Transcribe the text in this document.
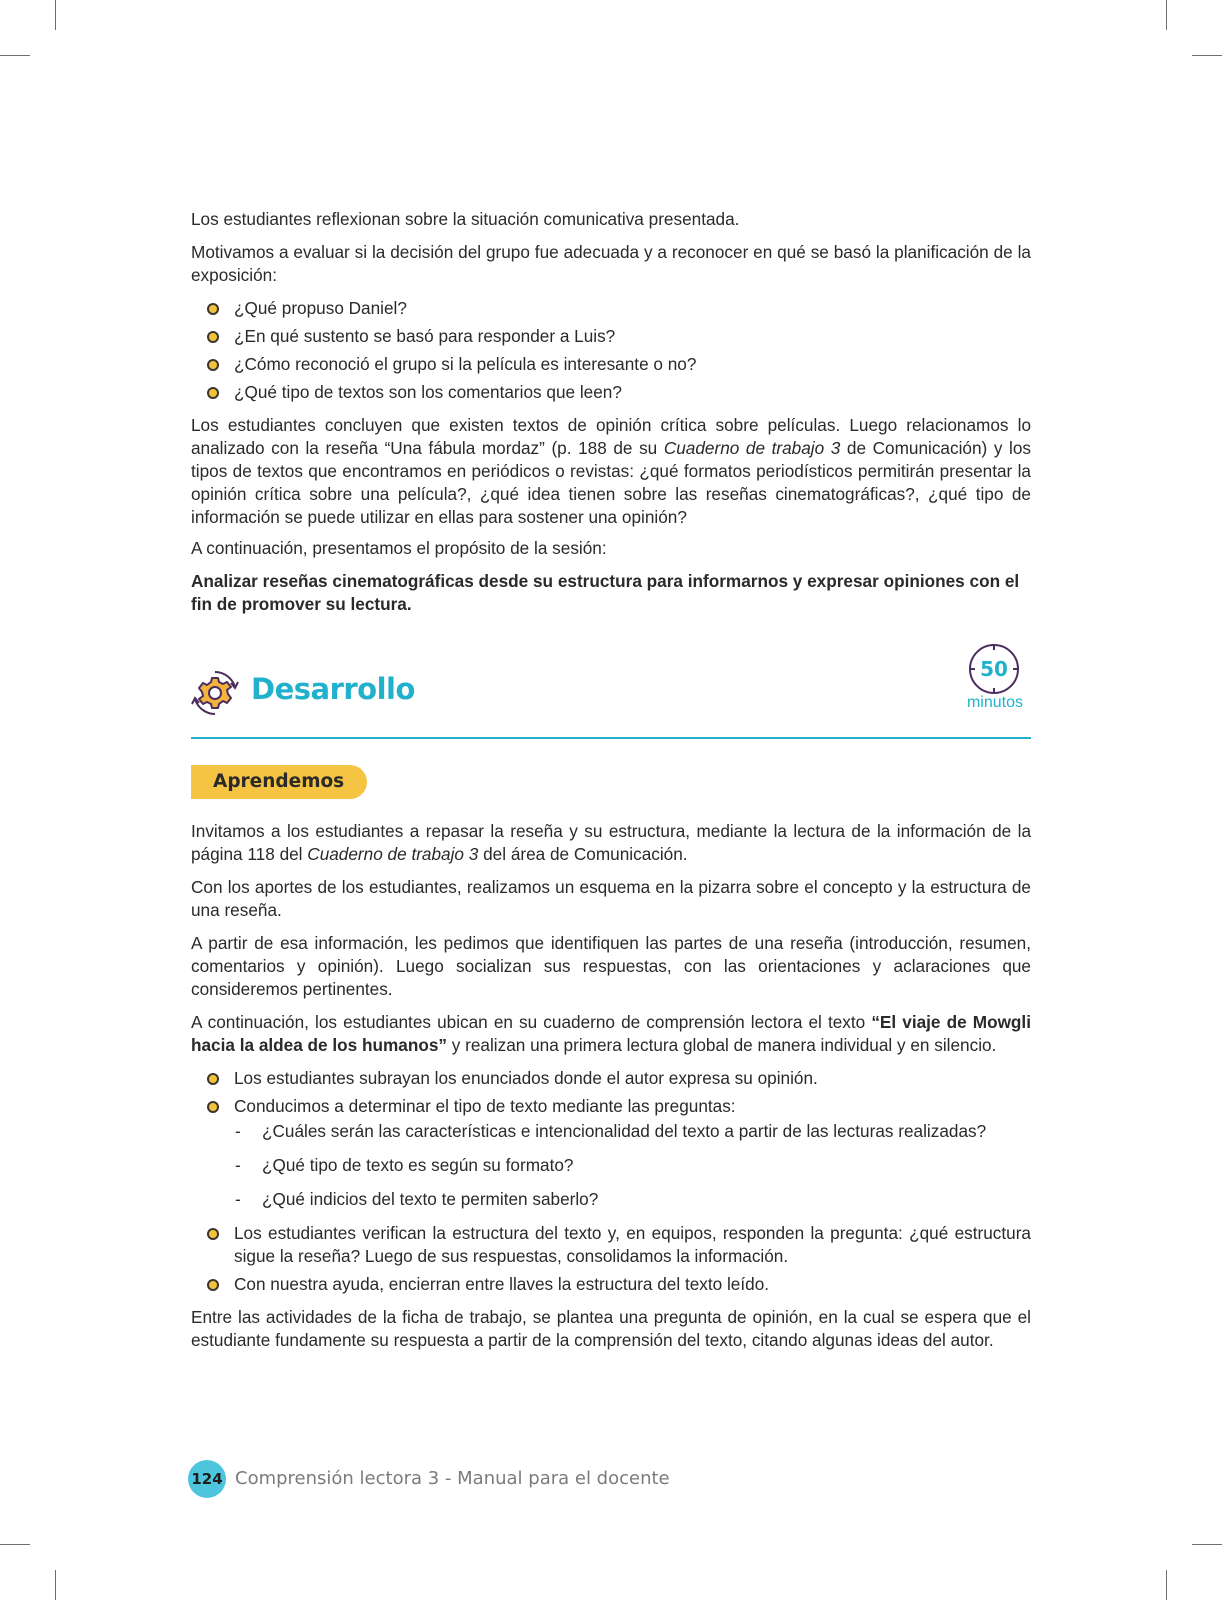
Los estudiantes reflexionan sobre la situación comunicativa presentada.

Motivamos a evaluar si la decisión del grupo fue adecuada y a reconocer en qué se basó la planificación de la exposición:

¿Qué propuso Daniel?
¿En qué sustento se basó para responder a Luis?
¿Cómo reconoció el grupo si la película es interesante o no?
¿Qué tipo de textos son los comentarios que leen?

Los estudiantes concluyen que existen textos de opinión crítica sobre películas. Luego relacionamos lo analizado con la reseña “Una fábula mordaz” (p. 188 de su Cuaderno de trabajo 3 de Comunicación) y los tipos de textos que encontramos en periódicos o revistas: ¿qué formatos periodísticos permitirán presentar la opinión crítica sobre una película?, ¿qué idea tienen sobre las reseñas cinematográficas?, ¿qué tipo de información se puede utilizar en ellas para sostener una opinión?

A continuación, presentamos el propósito de la sesión:

Analizar reseñas cinematográficas desde su estructura para informarnos y expresar opiniones con el fin de promover su lectura.

Desarrollo
50
minutos
Aprendemos

Invitamos a los estudiantes a repasar la reseña y su estructura, mediante la lectura de la información de la página 118 del Cuaderno de trabajo 3 del área de Comunicación.

Con los aportes de los estudiantes, realizamos un esquema en la pizarra sobre el concepto y la estructura de una reseña.

A partir de esa información, les pedimos que identifiquen las partes de una reseña (introducción, resumen, comentarios y opinión). Luego socializan sus respuestas, con las orientaciones y aclaraciones que consideremos pertinentes.

A continuación, los estudiantes ubican en su cuaderno de comprensión lectora el texto “El viaje de Mowgli hacia la aldea de los humanos” y realizan una primera lectura global de manera individual y en silencio.

Los estudiantes subrayan los enunciados donde el autor expresa su opinión.
Conducimos a determinar el tipo de texto mediante las preguntas:
- ¿Cuáles serán las características e intencionalidad del texto a partir de las lecturas realizadas?
- ¿Qué tipo de texto es según su formato?
- ¿Qué indicios del texto te permiten saberlo?
Los estudiantes verifican la estructura del texto y, en equipos, responden la pregunta: ¿qué estructura sigue la reseña? Luego de sus respuestas, consolidamos la información.
Con nuestra ayuda, encierran entre llaves la estructura del texto leído.

Entre las actividades de la ficha de trabajo, se plantea una pregunta de opinión, en la cual se espera que el estudiante fundamente su respuesta a partir de la comprensión del texto, citando algunas ideas del autor.

124 Comprensión lectora 3 - Manual para el docente
